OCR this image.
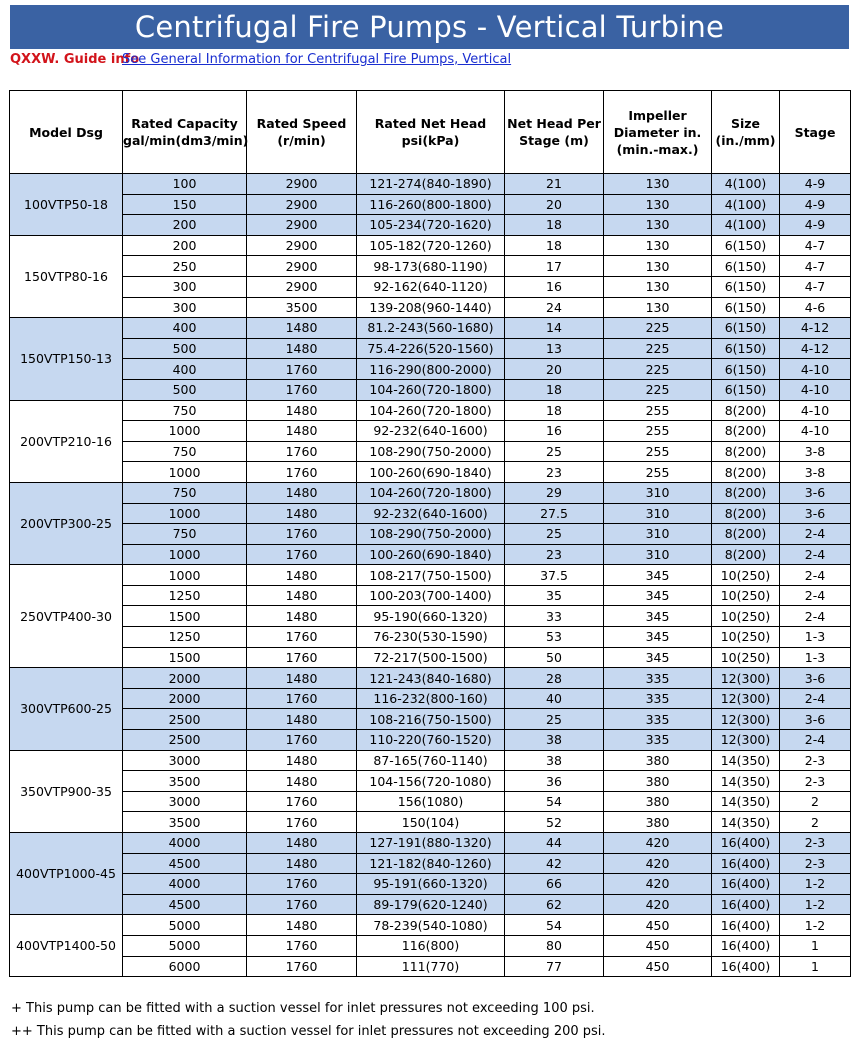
Centrifugal Fire Pumps - Vertical Turbine
QXXW. Guide infoSee General Information for Centrifugal Fire Pumps, Vertical
Model Dsg	Rated Capacity gal/min(dm3/min)	Rated Speed (r/min)	Rated Net Head psi(kPa)	Net Head Per Stage (m)	Impeller Diameter in.(min.-max.)	Size (in./mm)	Stage
100VTP50-18	100	2900	121-274(840-1890)	21	130	4(100)	4-9
	150	2900	116-260(800-1800)	20	130	4(100)	4-9
	200	2900	105-234(720-1620)	18	130	4(100)	4-9
150VTP80-16	200	2900	105-182(720-1260)	18	130	6(150)	4-7
	250	2900	98-173(680-1190)	17	130	6(150)	4-7
	300	2900	92-162(640-1120)	16	130	6(150)	4-7
	300	3500	139-208(960-1440)	24	130	6(150)	4-6
150VTP150-13	400	1480	81.2-243(560-1680)	14	225	6(150)	4-12
	500	1480	75.4-226(520-1560)	13	225	6(150)	4-12
	400	1760	116-290(800-2000)	20	225	6(150)	4-10
	500	1760	104-260(720-1800)	18	225	6(150)	4-10
200VTP210-16	750	1480	104-260(720-1800)	18	255	8(200)	4-10
	1000	1480	92-232(640-1600)	16	255	8(200)	4-10
	750	1760	108-290(750-2000)	25	255	8(200)	3-8
	1000	1760	100-260(690-1840)	23	255	8(200)	3-8
200VTP300-25	750	1480	104-260(720-1800)	29	310	8(200)	3-6
	1000	1480	92-232(640-1600)	27.5	310	8(200)	3-6
	750	1760	108-290(750-2000)	25	310	8(200)	2-4
	1000	1760	100-260(690-1840)	23	310	8(200)	2-4
250VTP400-30	1000	1480	108-217(750-1500)	37.5	345	10(250)	2-4
	1250	1480	100-203(700-1400)	35	345	10(250)	2-4
	1500	1480	95-190(660-1320)	33	345	10(250)	2-4
	1250	1760	76-230(530-1590)	53	345	10(250)	1-3
	1500	1760	72-217(500-1500)	50	345	10(250)	1-3
300VTP600-25	2000	1480	121-243(840-1680)	28	335	12(300)	3-6
	2000	1760	116-232(800-160)	40	335	12(300)	2-4
	2500	1480	108-216(750-1500)	25	335	12(300)	3-6
	2500	1760	110-220(760-1520)	38	335	12(300)	2-4
350VTP900-35	3000	1480	87-165(760-1140)	38	380	14(350)	2-3
	3500	1480	104-156(720-1080)	36	380	14(350)	2-3
	3000	1760	156(1080)	54	380	14(350)	2
	3500	1760	150(104)	52	380	14(350)	2
400VTP1000-45	4000	1480	127-191(880-1320)	44	420	16(400)	2-3
	4500	1480	121-182(840-1260)	42	420	16(400)	2-3
	4000	1760	95-191(660-1320)	66	420	16(400)	1-2
	4500	1760	89-179(620-1240)	62	420	16(400)	1-2
400VTP1400-50	5000	1480	78-239(540-1080)	54	450	16(400)	1-2
	5000	1760	116(800)	80	450	16(400)	1
	6000	1760	111(770)	77	450	16(400)	1
+ This pump can be fitted with a suction vessel for inlet pressures not exceeding 100 psi.
++ This pump can be fitted with a suction vessel for inlet pressures not exceeding 200 psi.
